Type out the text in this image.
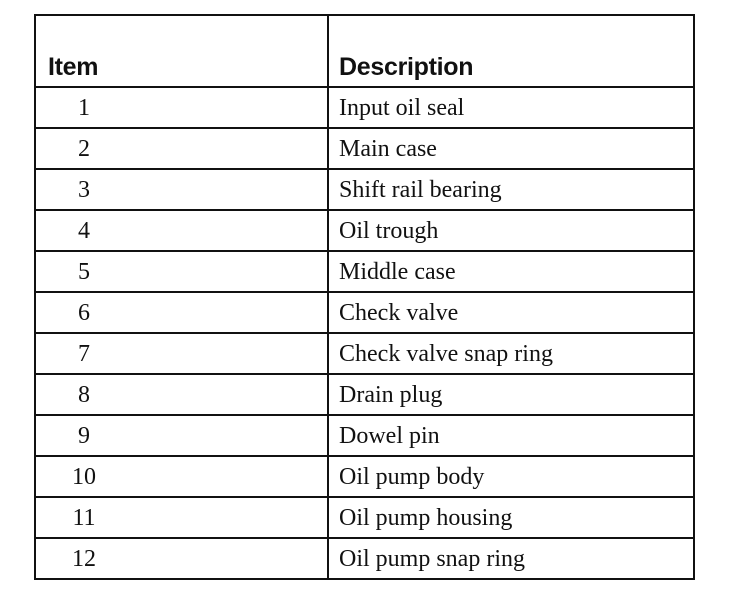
Item	Description
1	Input oil seal
2	Main case
3	Shift rail bearing
4	Oil trough
5	Middle case
6	Check valve
7	Check valve snap ring
8	Drain plug
9	Dowel pin
10	Oil pump body
11	Oil pump housing
12	Oil pump snap ring
